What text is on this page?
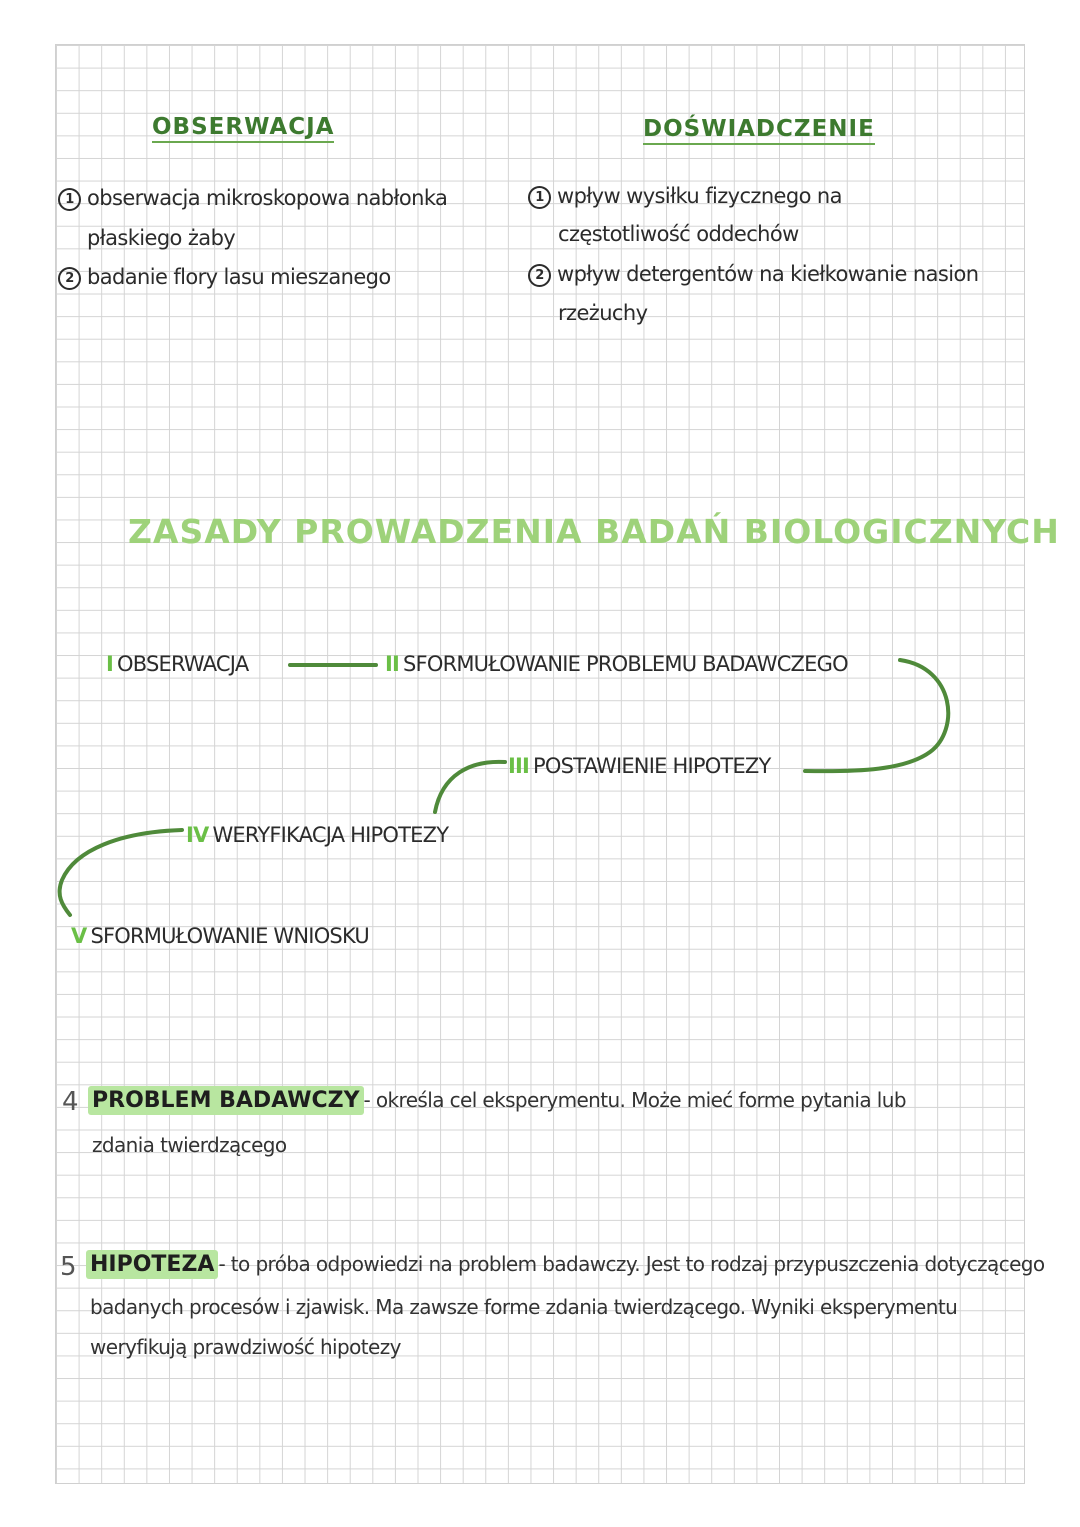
OBSERWACJA	DOŚWIADCZENIE
1 obserwacja mikroskopowa nabłonka
płaskiego żaby
2 badanie flory lasu mieszanego
1 wpływ wysiłku fizycznego na
częstotliwość oddechów
2 wpływ detergentów na kiełkowanie nasion
rzeżuchy
ZASADY PROWADZENIA BADAŃ BIOLOGICZNYCH
I OBSERWACJA	II SFORMUŁOWANIE PROBLEMU BADAWCZEGO
III POSTAWIENIE HIPOTEZY
IV WERYFIKACJA HIPOTEZY
V SFORMUŁOWANIE WNIOSKU
4 PROBLEM BADAWCZY - określa cel eksperymentu. Może mieć forme pytania lub
zdania twierdzącego
5 HIPOTEZA - to próba odpowiedzi na problem badawczy. Jest to rodzaj przypuszczenia dotyczącego
badanych procesów i zjawisk. Ma zawsze forme zdania twierdzącego. Wyniki eksperymentu
weryfikują prawdziwość hipotezy
